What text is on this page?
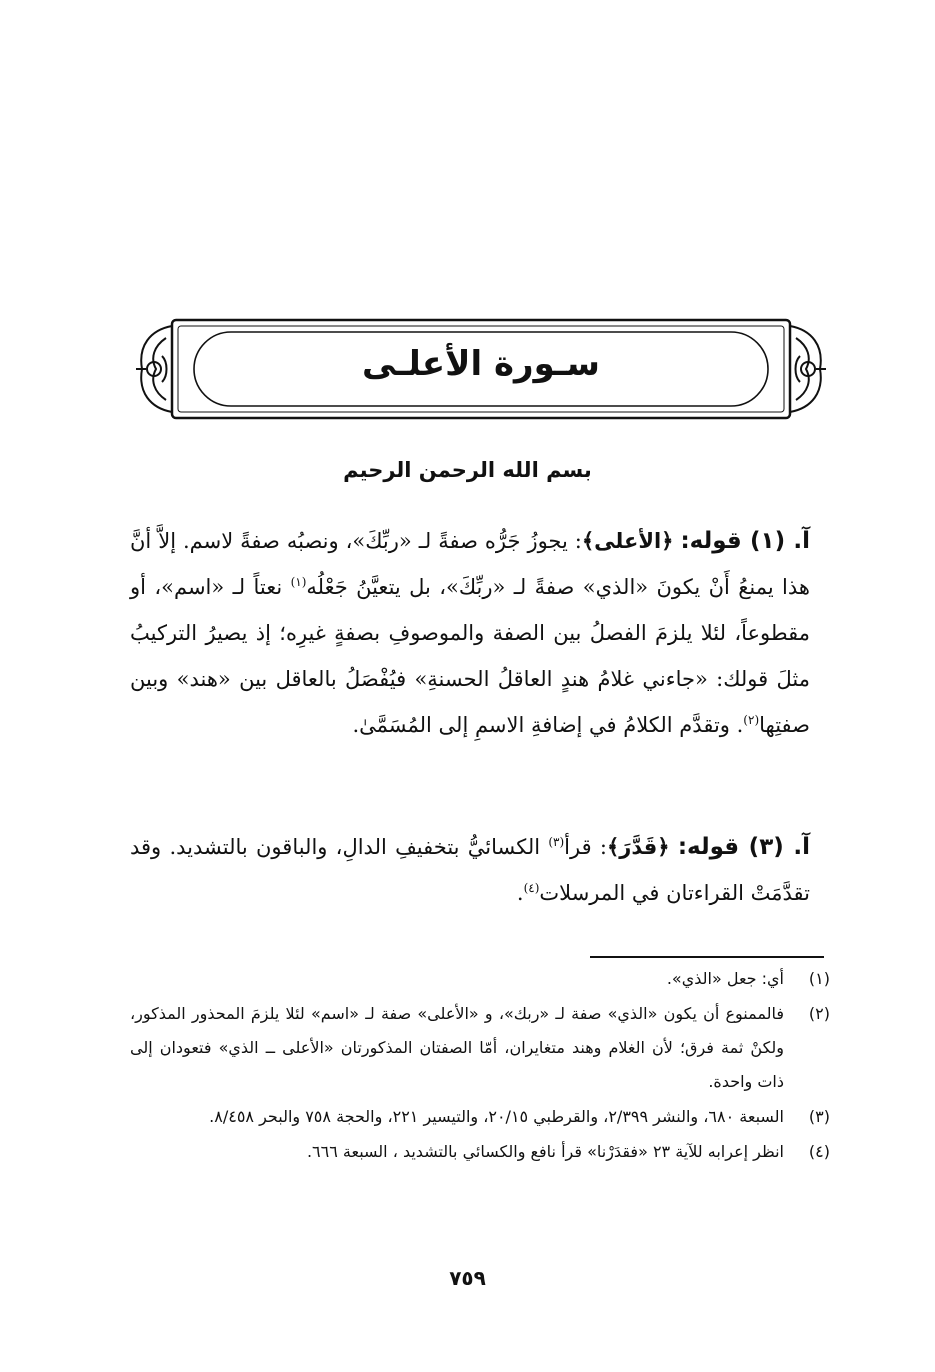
سـورة الأعلـى
بسم الله الرحمن الرحيم
آ. (١) قوله: ﴿الأعلى﴾: يجوزُ جَرُّه صفةً لـ «ربِّكَ»، ونصبُه صفةً لاسم. إلاَّ أنَّ هذا يمنعُ أَنْ يكونَ «الذي» صفةً لـ «ربِّكَ»، بل يتعيَّنُ جَعْلُه$^{(١)}$ نعتاً لـ «اسم»، أو مقطوعاً، لئلا يلزمَ الفصلُ بين الصفة والموصوفِ بصفةٍ غيرِه؛ إذ يصيرُ التركيبُ مثلَ قولك: «جاءني غلامُ هندٍ العاقلُ الحسنةِ» فيُفْصَلُ بالعاقل بين «هند» وبين صفتِها$^{(٢)}$. وتقدَّم الكلامُ في إضافةِ الاسمِ إلى المُسَمَّىٰ.
آ. (٣) قوله: ﴿قَدَّرَ﴾: قرأ$^{(٣)}$ الكسائيُّ بتخفيفِ الدالِ، والباقون بالتشديد. وقد تقدَّمَتْ القراءتان في المرسلات$^{(٤)}$.
(١)
أي: جعل «الذي».
(٢)
فالممنوع أن يكون «الذي» صفة لـ «ربك»، و «الأعلى» صفة لـ «اسم» لئلا يلزمَ المحذور المذكور، ولكنْ ثمة فرق؛ لأن الغلام وهند متغايران، أمّا الصفتان المذكورتان «الأعلى ــ الذي» فتعودان إلى ذات واحدة.
(٣)
السبعة ٦٨٠، والنشر ٢/٣٩٩، والقرطبي ٢٠/١٥، والتيسير ٢٢١، والحجة ٧٥٨ والبحر ٨/٤٥٨.
(٤)
انظر إعرابه للآية ٢٣ «فقدَرْنا» قرأ نافع والكسائي بالتشديد ، السبعة ٦٦٦.
٧٥٩
